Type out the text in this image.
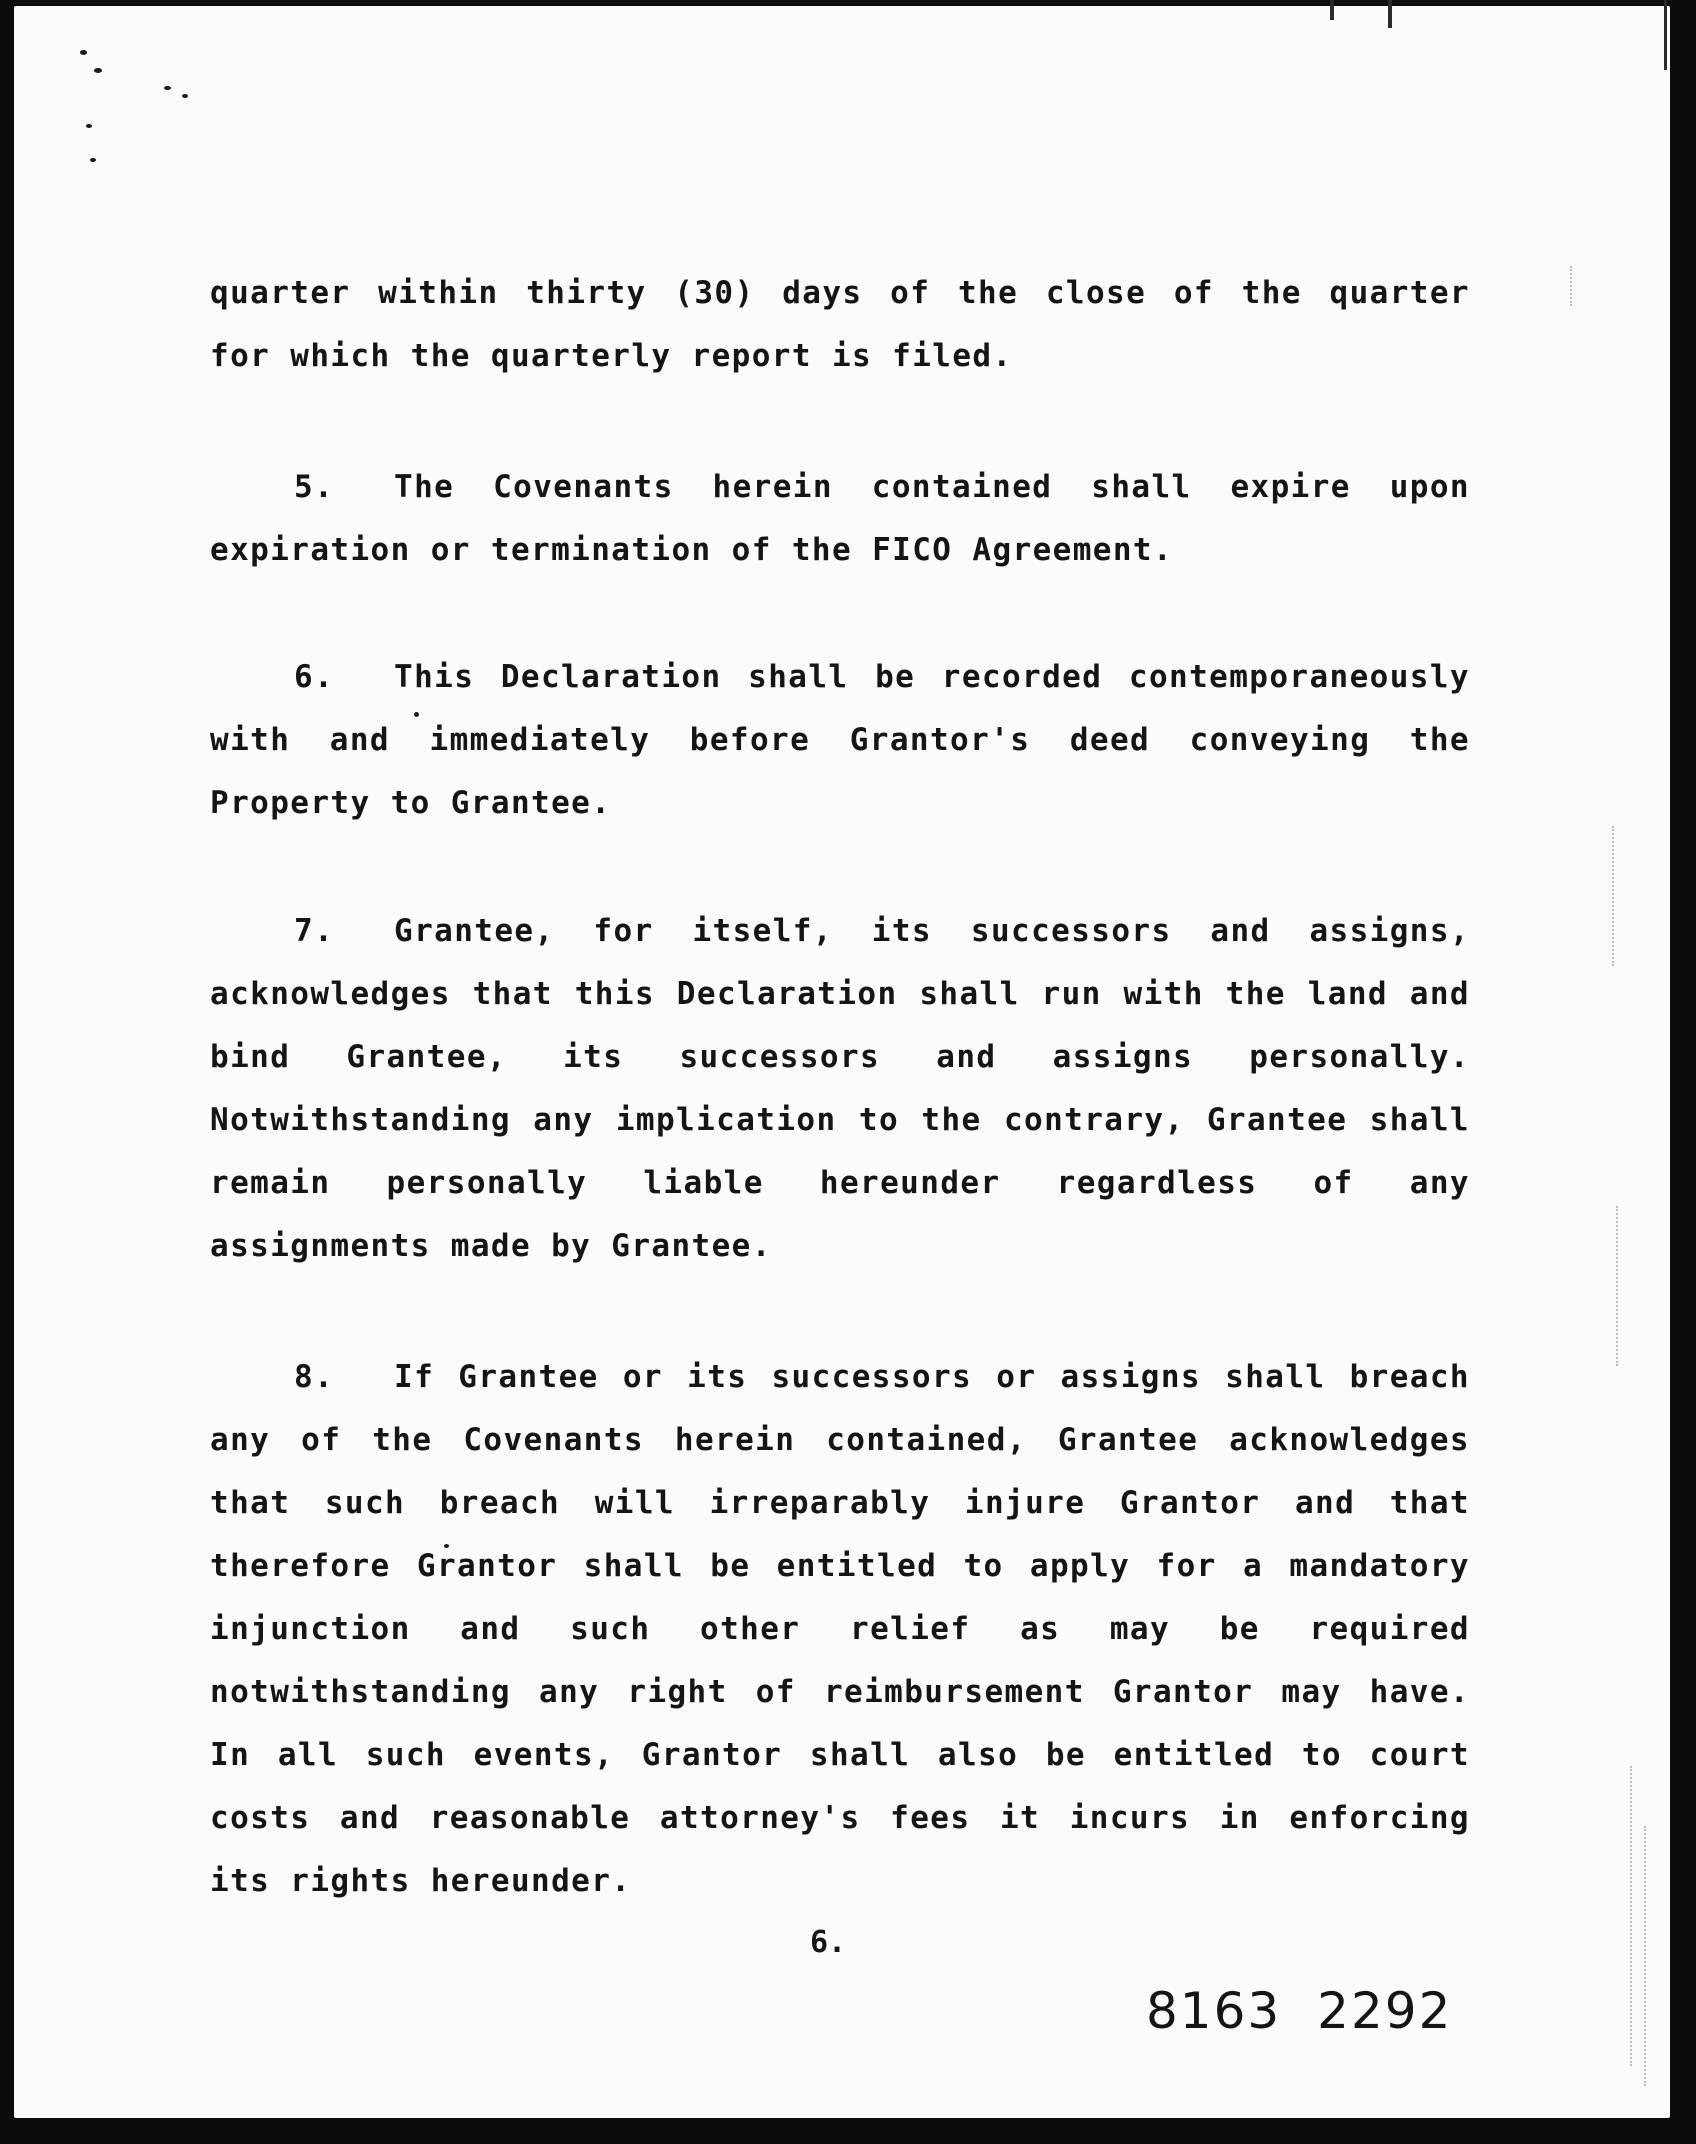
quarter within thirty (30) days of the close of the quarter for which the quarterly report is filed.

5. The Covenants herein contained shall expire upon expiration or termination of the FICO Agreement.

6. This Declaration shall be recorded contemporaneously with and immediately before Grantor's deed conveying the Property to Grantee.

7. Grantee, for itself, its successors and assigns, acknowledges that this Declaration shall run with the land and bind Grantee, its successors and assigns personally. Notwithstanding any implication to the contrary, Grantee shall remain personally liable hereunder regardless of any assignments made by Grantee.

8. If Grantee or its successors or assigns shall breach any of the Covenants herein contained, Grantee acknowledges that such breach will irreparably injure Grantor and that therefore Grantor shall be entitled to apply for a mandatory injunction and such other relief as may be required notwithstanding any right of reimbursement Grantor may have. In all such events, Grantor shall also be entitled to court costs and reasonable attorney's fees it incurs in enforcing its rights hereunder.

6.
8163 2292
